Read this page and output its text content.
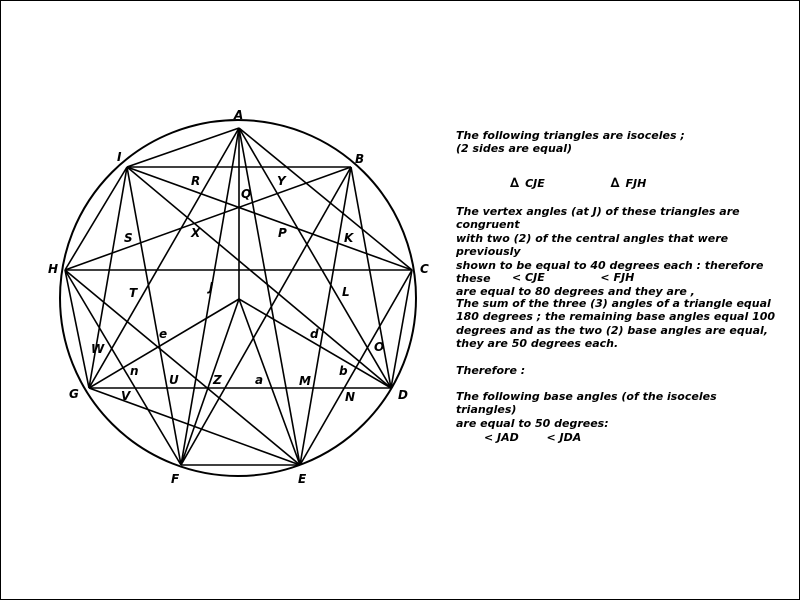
A
B
C
D
E
F
G
H
I
J
K
L
M
N
O
P
Q
R
S
T
U
V
W
X
Y
Z	a
b
d
e
n

The following triangles are isoceles ;
(2 sides are equal)

∆ CJE	∆ FJH

The vertex angles (at J) of these triangles are congruent
with two (2) of the central angles that were previously
shown to be equal to 40 degrees each : therefore these
are equal to 80 degrees and they are ,

< CJE	< FJH

The sum of the three (3) angles of a triangle equal
180 degrees ; the remaining base angles equal 100
degrees and as the two (2) base angles are equal,
they are 50 degrees each.

Therefore :

The following base angles (of the isoceles triangles)
are equal to 50 degrees:

< JAD	< JDA
